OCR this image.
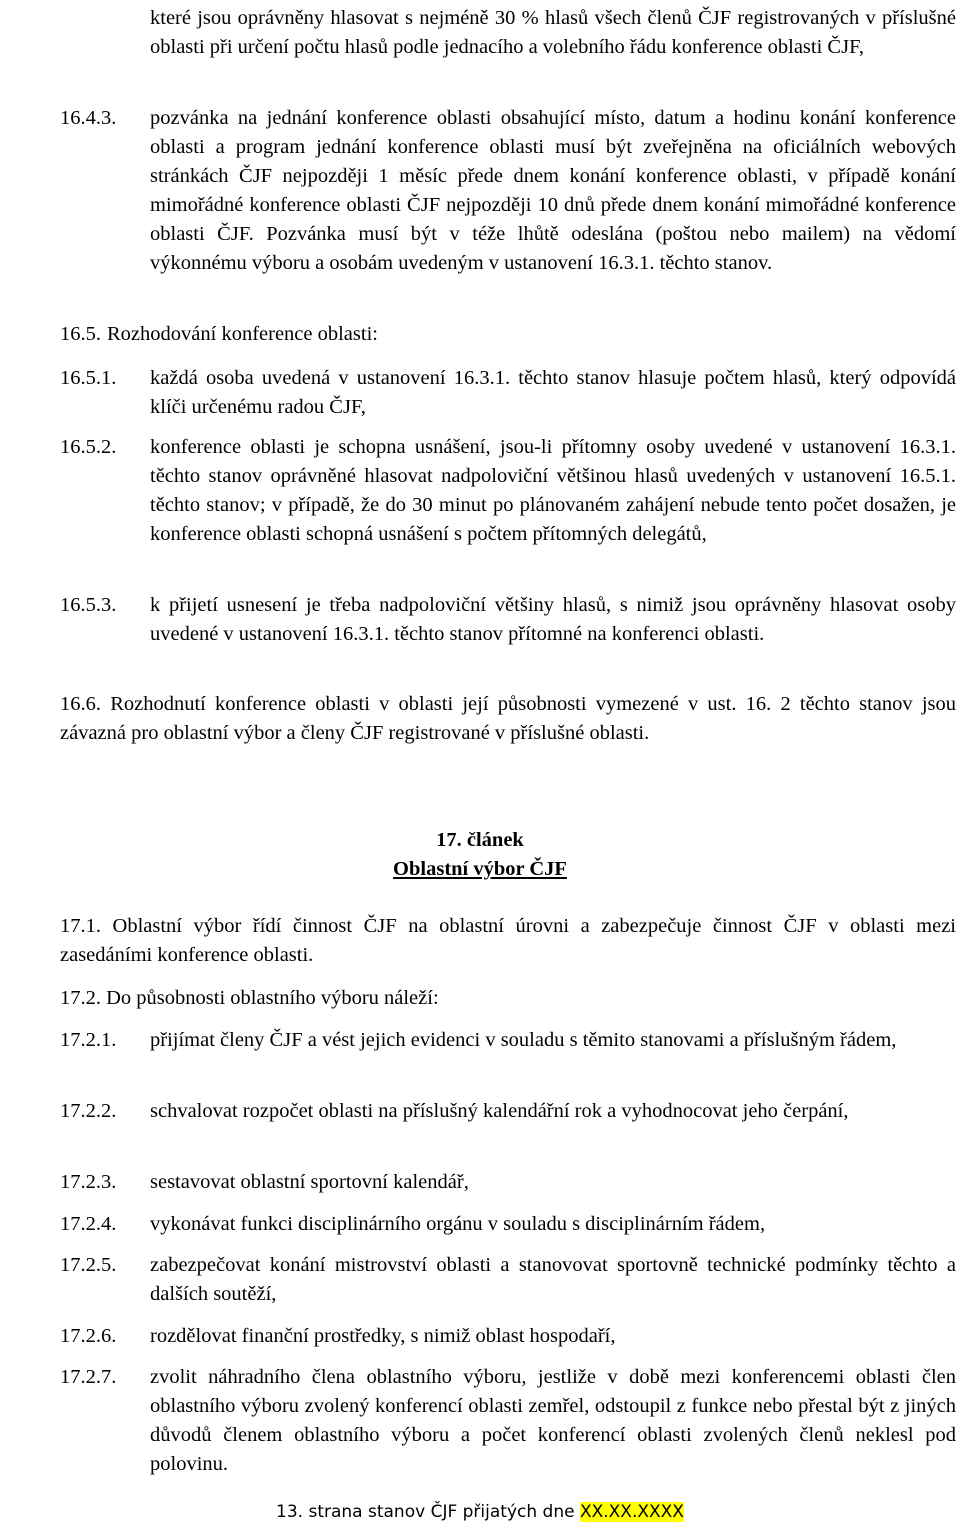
které jsou oprávněny hlasovat s nejméně 30 % hlasů všech členů ČJF registrovaných v příslušné oblasti při určení počtu hlasů podle jednacího a volebního řádu konference oblasti ČJF,
16.4.3. pozvánka na jednání konference oblasti obsahující místo, datum a hodinu konání konference oblasti a program jednání konference oblasti musí být zveřejněna na oficiálních webových stránkách ČJF nejpozději 1 měsíc přede dnem konání konference oblasti, v případě konání mimořádné konference oblasti ČJF nejpozději 10 dnů přede dnem konání mimořádné konference oblasti ČJF. Pozvánka musí být v téže lhůtě odeslána (poštou nebo mailem) na vědomí výkonnému výboru a osobám uvedeným v ustanovení 16.3.1. těchto stanov.
16.5. Rozhodování konference oblasti:
16.5.1. každá osoba uvedená v ustanovení 16.3.1. těchto stanov hlasuje počtem hlasů, který odpovídá klíči určenému radou ČJF,
16.5.2. konference oblasti je schopna usnášení, jsou-li přítomny osoby uvedené v ustanovení 16.3.1. těchto stanov oprávněné hlasovat nadpoloviční většinou hlasů uvedených v ustanovení 16.5.1. těchto stanov; v případě, že do 30 minut po plánovaném zahájení nebude tento počet dosažen, je konference oblasti schopná usnášení s počtem přítomných delegátů,
16.5.3. k přijetí usnesení je třeba nadpoloviční většiny hlasů, s nimiž jsou oprávněny hlasovat osoby uvedené v ustanovení 16.3.1. těchto stanov přítomné na konferenci oblasti.
16.6. Rozhodnutí konference oblasti v oblasti její působnosti vymezené v ust. 16. 2 těchto stanov jsou závazná pro oblastní výbor a členy ČJF registrované v příslušné oblasti.
17. článek
Oblastní výbor ČJF
17.1. Oblastní výbor řídí činnost ČJF na oblastní úrovni a zabezpečuje činnost ČJF v oblasti mezi zasedáními konference oblasti.
17.2. Do působnosti oblastního výboru náleží:
17.2.1. přijímat členy ČJF a vést jejich evidenci v souladu s těmito stanovami a příslušným řádem,
17.2.2. schvalovat rozpočet oblasti na příslušný kalendářní rok a vyhodnocovat jeho čerpání,
17.2.3. sestavovat oblastní sportovní kalendář,
17.2.4. vykonávat funkci disciplinárního orgánu v souladu s disciplinárním řádem,
17.2.5. zabezpečovat konání mistrovství oblasti a stanovovat sportovně technické podmínky těchto a dalších soutěží,
17.2.6. rozdělovat finanční prostředky, s nimiž oblast hospodaří,
17.2.7. zvolit náhradního člena oblastního výboru, jestliže v době mezi konferencemi oblasti člen oblastního výboru zvolený konferencí oblasti zemřel, odstoupil z funkce nebo přestal být z jiných důvodů členem oblastního výboru a počet konferencí oblasti zvolených členů neklesl pod polovinu.
13. strana stanov ČJF přijatých dne XX.XX.XXXX
